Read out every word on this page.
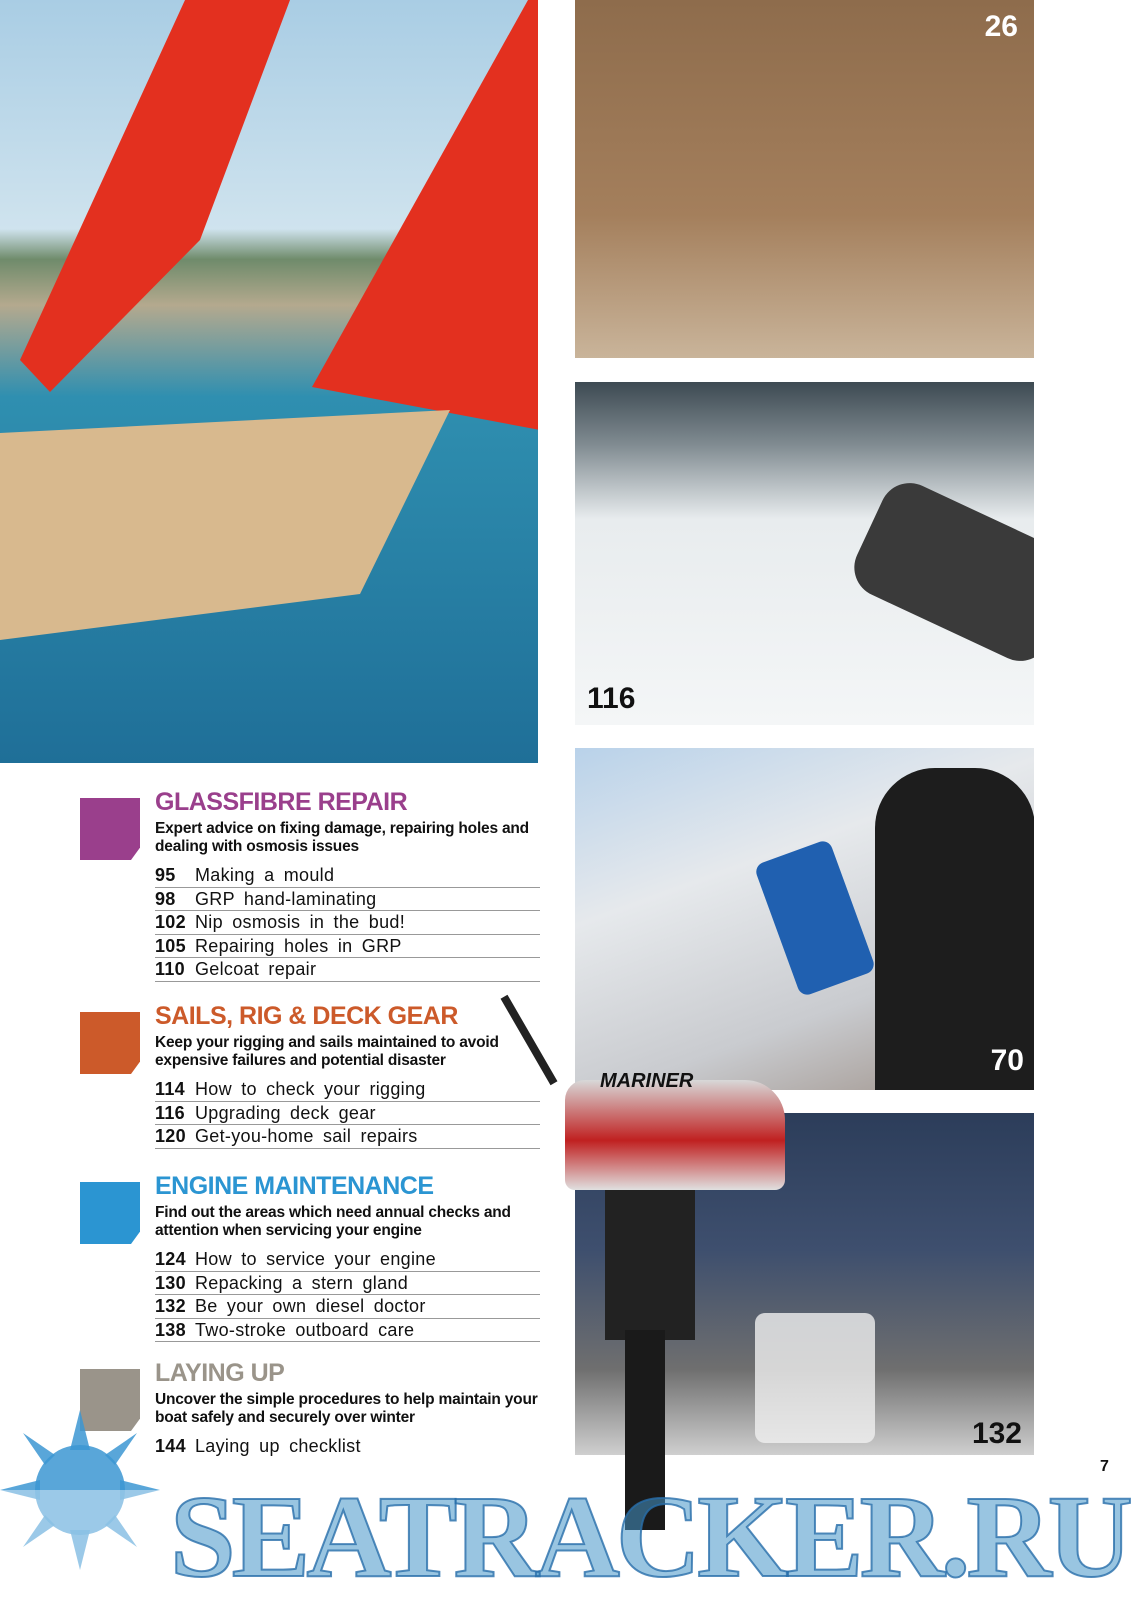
26
116
70
132
MARINER
GLASSFIBRE REPAIR
Expert advice on fixing damage, repairing holes and dealing with osmosis issues
95 Making a mould
98 GRP hand-laminating
102 Nip osmosis in the bud!
105 Repairing holes in GRP
110 Gelcoat repair
SAILS, RIG & DECK GEAR
Keep your rigging and sails maintained to avoid expensive failures and potential disaster
114 How to check your rigging
116 Upgrading deck gear
120 Get-you-home sail repairs
ENGINE MAINTENANCE
Find out the areas which need annual checks and attention when servicing your engine
124 How to service your engine
130 Repacking a stern gland
132 Be your own diesel doctor
138 Two-stroke outboard care
LAYING UP
Uncover the simple procedures to help maintain your boat safely and securely over winter
144 Laying up checklist
SEATRACKER.RU
7
